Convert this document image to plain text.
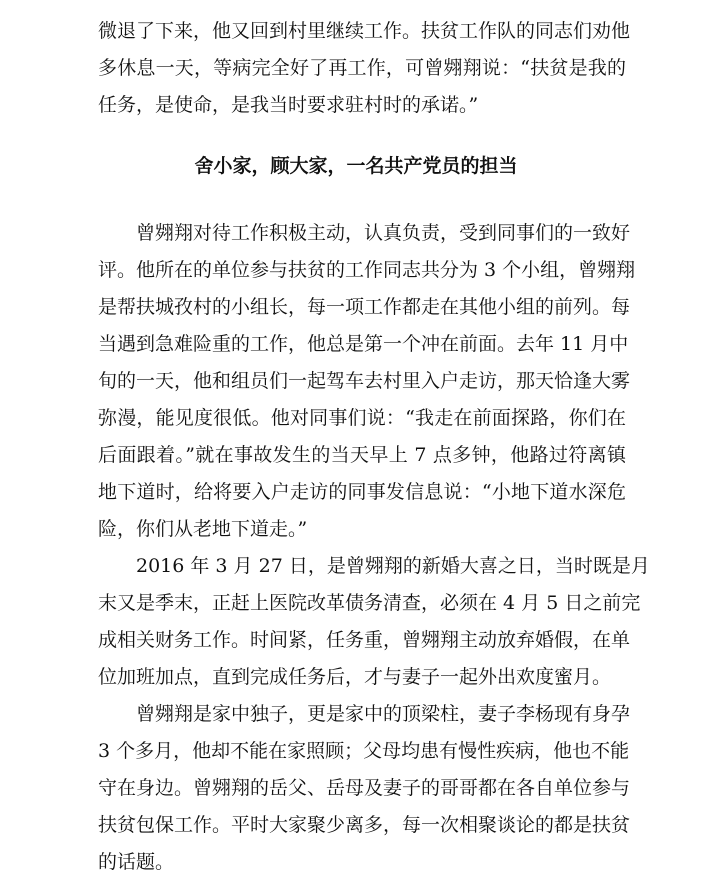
微退了下来，他又回到村里继续工作。扶贫工作队的同志们劝他
多休息一天，等病完全好了再工作，可曾翙翔说：“扶贫是我的
任务，是使命，是我当时要求驻村时的承诺。”
舍小家，顾大家，一名共产党员的担当
曾翙翔对待工作积极主动，认真负责，受到同事们的一致好
评。他所在的单位参与扶贫的工作同志共分为 3 个小组，曾翙翔
是帮扶城孜村的小组长，每一项工作都走在其他小组的前列。每
当遇到急难险重的工作，他总是第一个冲在前面。去年 11 月中
旬的一天，他和组员们一起驾车去村里入户走访，那天恰逢大雾
弥漫，能见度很低。他对同事们说：“我走在前面探路，你们在
后面跟着。”就在事故发生的当天早上 7 点多钟，他路过符离镇
地下道时，给将要入户走访的同事发信息说：“小地下道水深危
险，你们从老地下道走。”
2016 年 3 月 27 日，是曾翙翔的新婚大喜之日，当时既是月
末又是季末，正赶上医院改革债务清查，必须在 4 月 5 日之前完
成相关财务工作。时间紧，任务重，曾翙翔主动放弃婚假，在单
位加班加点，直到完成任务后，才与妻子一起外出欢度蜜月。
曾翙翔是家中独子，更是家中的顶梁柱，妻子李杨现有身孕
3 个多月，他却不能在家照顾；父母均患有慢性疾病，他也不能
守在身边。曾翙翔的岳父、岳母及妻子的哥哥都在各自单位参与
扶贫包保工作。平时大家聚少离多，每一次相聚谈论的都是扶贫
的话题。
